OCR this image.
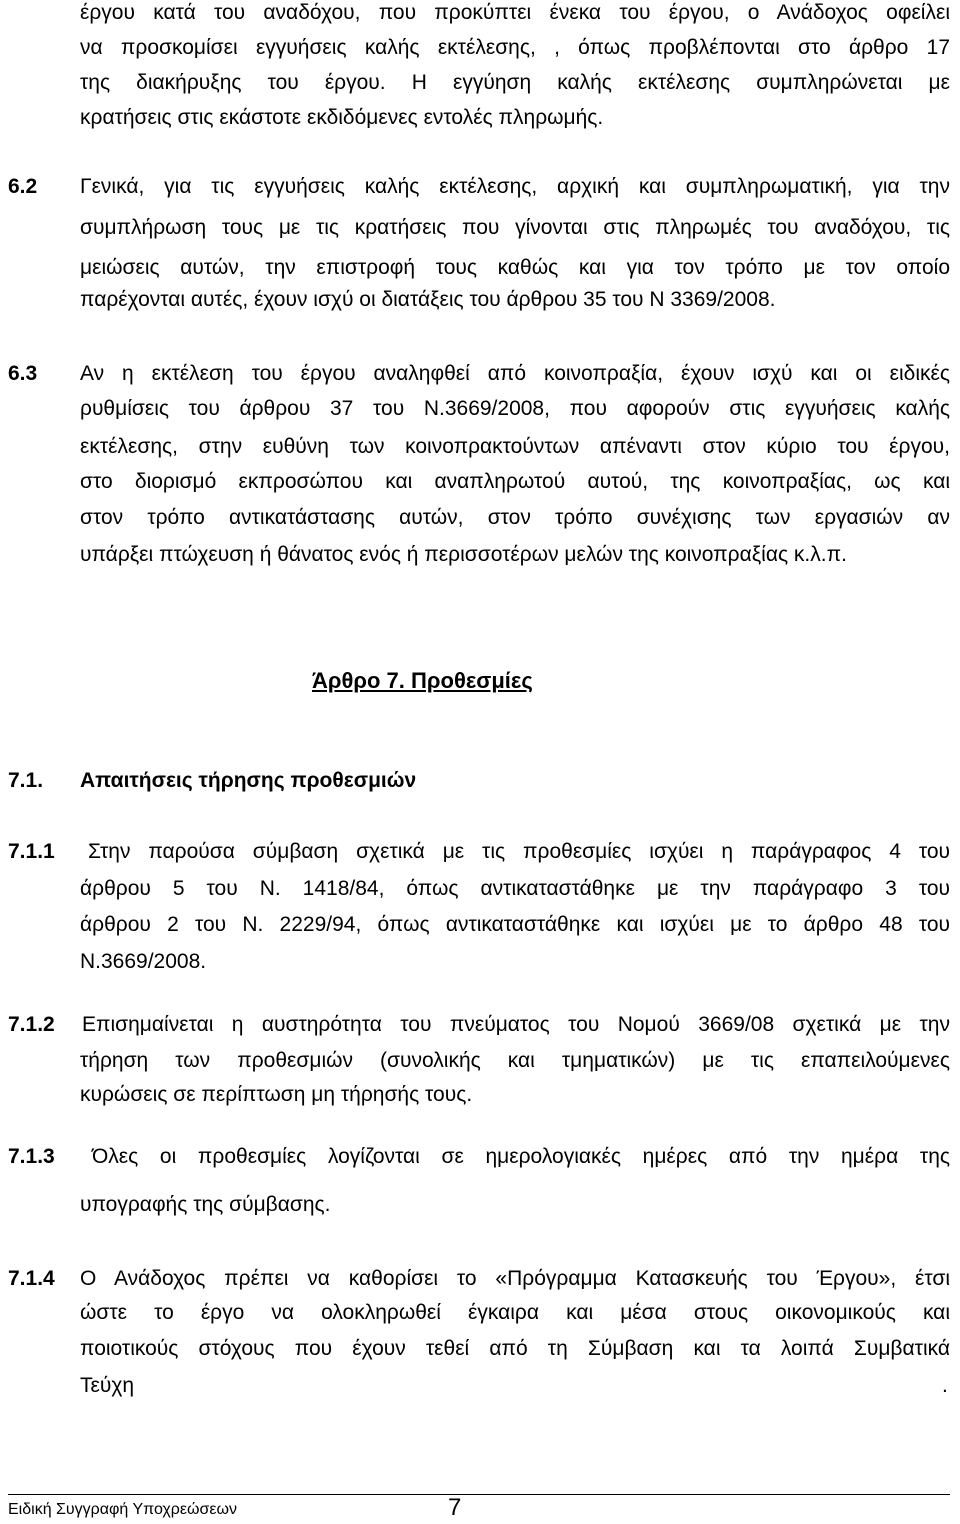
έργου κατά του αναδόχου, που προκύπτει ένεκα του έργου, ο Ανάδοχος οφείλει
να προσκομίσει εγγυήσεις καλής εκτέλεσης, , όπως προβλέπονται στο άρθρο 17
της διακήρυξης του έργου. Η εγγύηση καλής εκτέλεσης συμπληρώνεται με
κρατήσεις στις εκάστοτε εκδιδόμενες εντολές πληρωμής.
6.2 Γενικά, για τις εγγυήσεις καλής εκτέλεσης, αρχική και συμπληρωματική, για την
συμπλήρωση τους με τις κρατήσεις που γίνονται στις πληρωμές του αναδόχου, τις
μειώσεις αυτών, την επιστροφή τους καθώς και για τον τρόπο με τον οποίο
παρέχονται αυτές, έχουν ισχύ οι διατάξεις του άρθρου 35 του Ν 3369/2008.
6.3 Αν η εκτέλεση του έργου αναληφθεί από κοινοπραξία, έχουν ισχύ και οι ειδικές
ρυθμίσεις του άρθρου 37 του Ν.3669/2008, που αφορούν στις εγγυήσεις καλής
εκτέλεσης, στην ευθύνη των κοινοπρακτούντων απέναντι στον κύριο του έργου,
στο διορισμό εκπροσώπου και αναπληρωτού αυτού, της κοινοπραξίας, ως και
στον τρόπο αντικατάστασης αυτών, στον τρόπο συνέχισης των εργασιών αν
υπάρξει πτώχευση ή θάνατος ενός ή περισσοτέρων μελών της κοινοπραξίας κ.λ.π.
Άρθρο 7. Προθεσμίες
7.1. Απαιτήσεις τήρησης προθεσμιών
7.1.1 Στην παρούσα σύμβαση σχετικά με τις προθεσμίες ισχύει η παράγραφος 4 του
άρθρου 5 του Ν. 1418/84, όπως αντικαταστάθηκε με την παράγραφο 3 του
άρθρου 2 του Ν. 2229/94, όπως αντικαταστάθηκε και ισχύει με το άρθρο 48 του
Ν.3669/2008.
7.1.2 Επισημαίνεται η αυστηρότητα του πνεύματος του Νομού 3669/08 σχετικά με την
τήρηση των προθεσμιών (συνολικής και τμηματικών) με τις επαπειλούμενες
κυρώσεις σε περίπτωση μη τήρησής τους.
7.1.3 Όλες οι προθεσμίες λογίζονται σε ημερολογιακές ημέρες από την ημέρα της
υπογραφής της σύμβασης.
7.1.4 Ο Ανάδοχος πρέπει να καθορίσει το «Πρόγραμμα Κατασκευής του Έργου», έτσι
ώστε το έργο να ολοκληρωθεί έγκαιρα και μέσα στους οικονομικούς και
ποιοτικούς στόχους που έχουν τεθεί από τη Σύμβαση και τα λοιπά Συμβατικά
Τεύχη	.
Ειδική Συγγραφή Υποχρεώσεων	7
